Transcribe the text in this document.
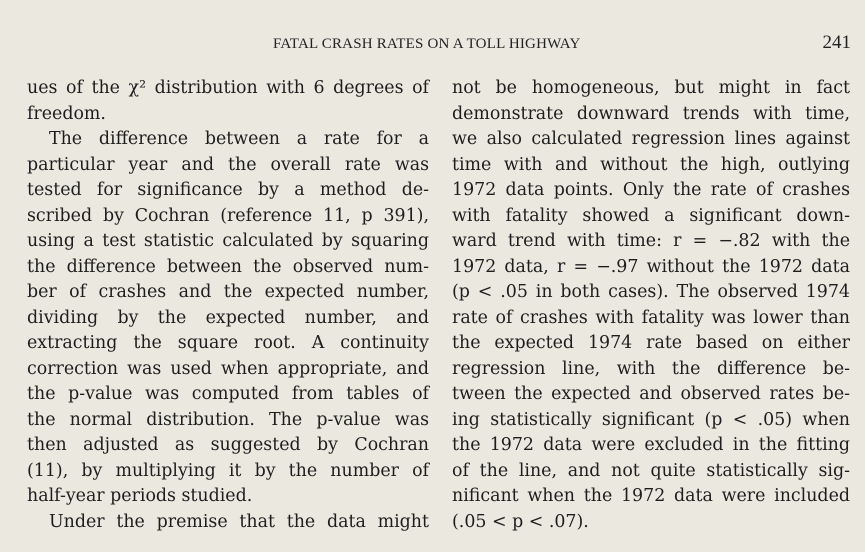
FATAL CRASH RATES ON A TOLL HIGHWAY	241
ues of the χ² distribution with 6 degrees of
freedom.
The difference between a rate for a
particular year and the overall rate was
tested for significance by a method de-
scribed by Cochran (reference 11, p 391),
using a test statistic calculated by squaring
the difference between the observed num-
ber of crashes and the expected number,
dividing by the expected number, and
extracting the square root. A continuity
correction was used when appropriate, and
the p-value was computed from tables of
the normal distribution. The p-value was
then adjusted as suggested by Cochran
(11), by multiplying it by the number of
half-year periods studied.
Under the premise that the data might
not be homogeneous, but might in fact
demonstrate downward trends with time,
we also calculated regression lines against
time with and without the high, outlying
1972 data points. Only the rate of crashes
with fatality showed a significant down-
ward trend with time: r = −.82 with the
1972 data, r = −.97 without the 1972 data
(p < .05 in both cases). The observed 1974
rate of crashes with fatality was lower than
the expected 1974 rate based on either
regression line, with the difference be-
tween the expected and observed rates be-
ing statistically significant (p < .05) when
the 1972 data were excluded in the fitting
of the line, and not quite statistically sig-
nificant when the 1972 data were included
(.05 < p < .07).
